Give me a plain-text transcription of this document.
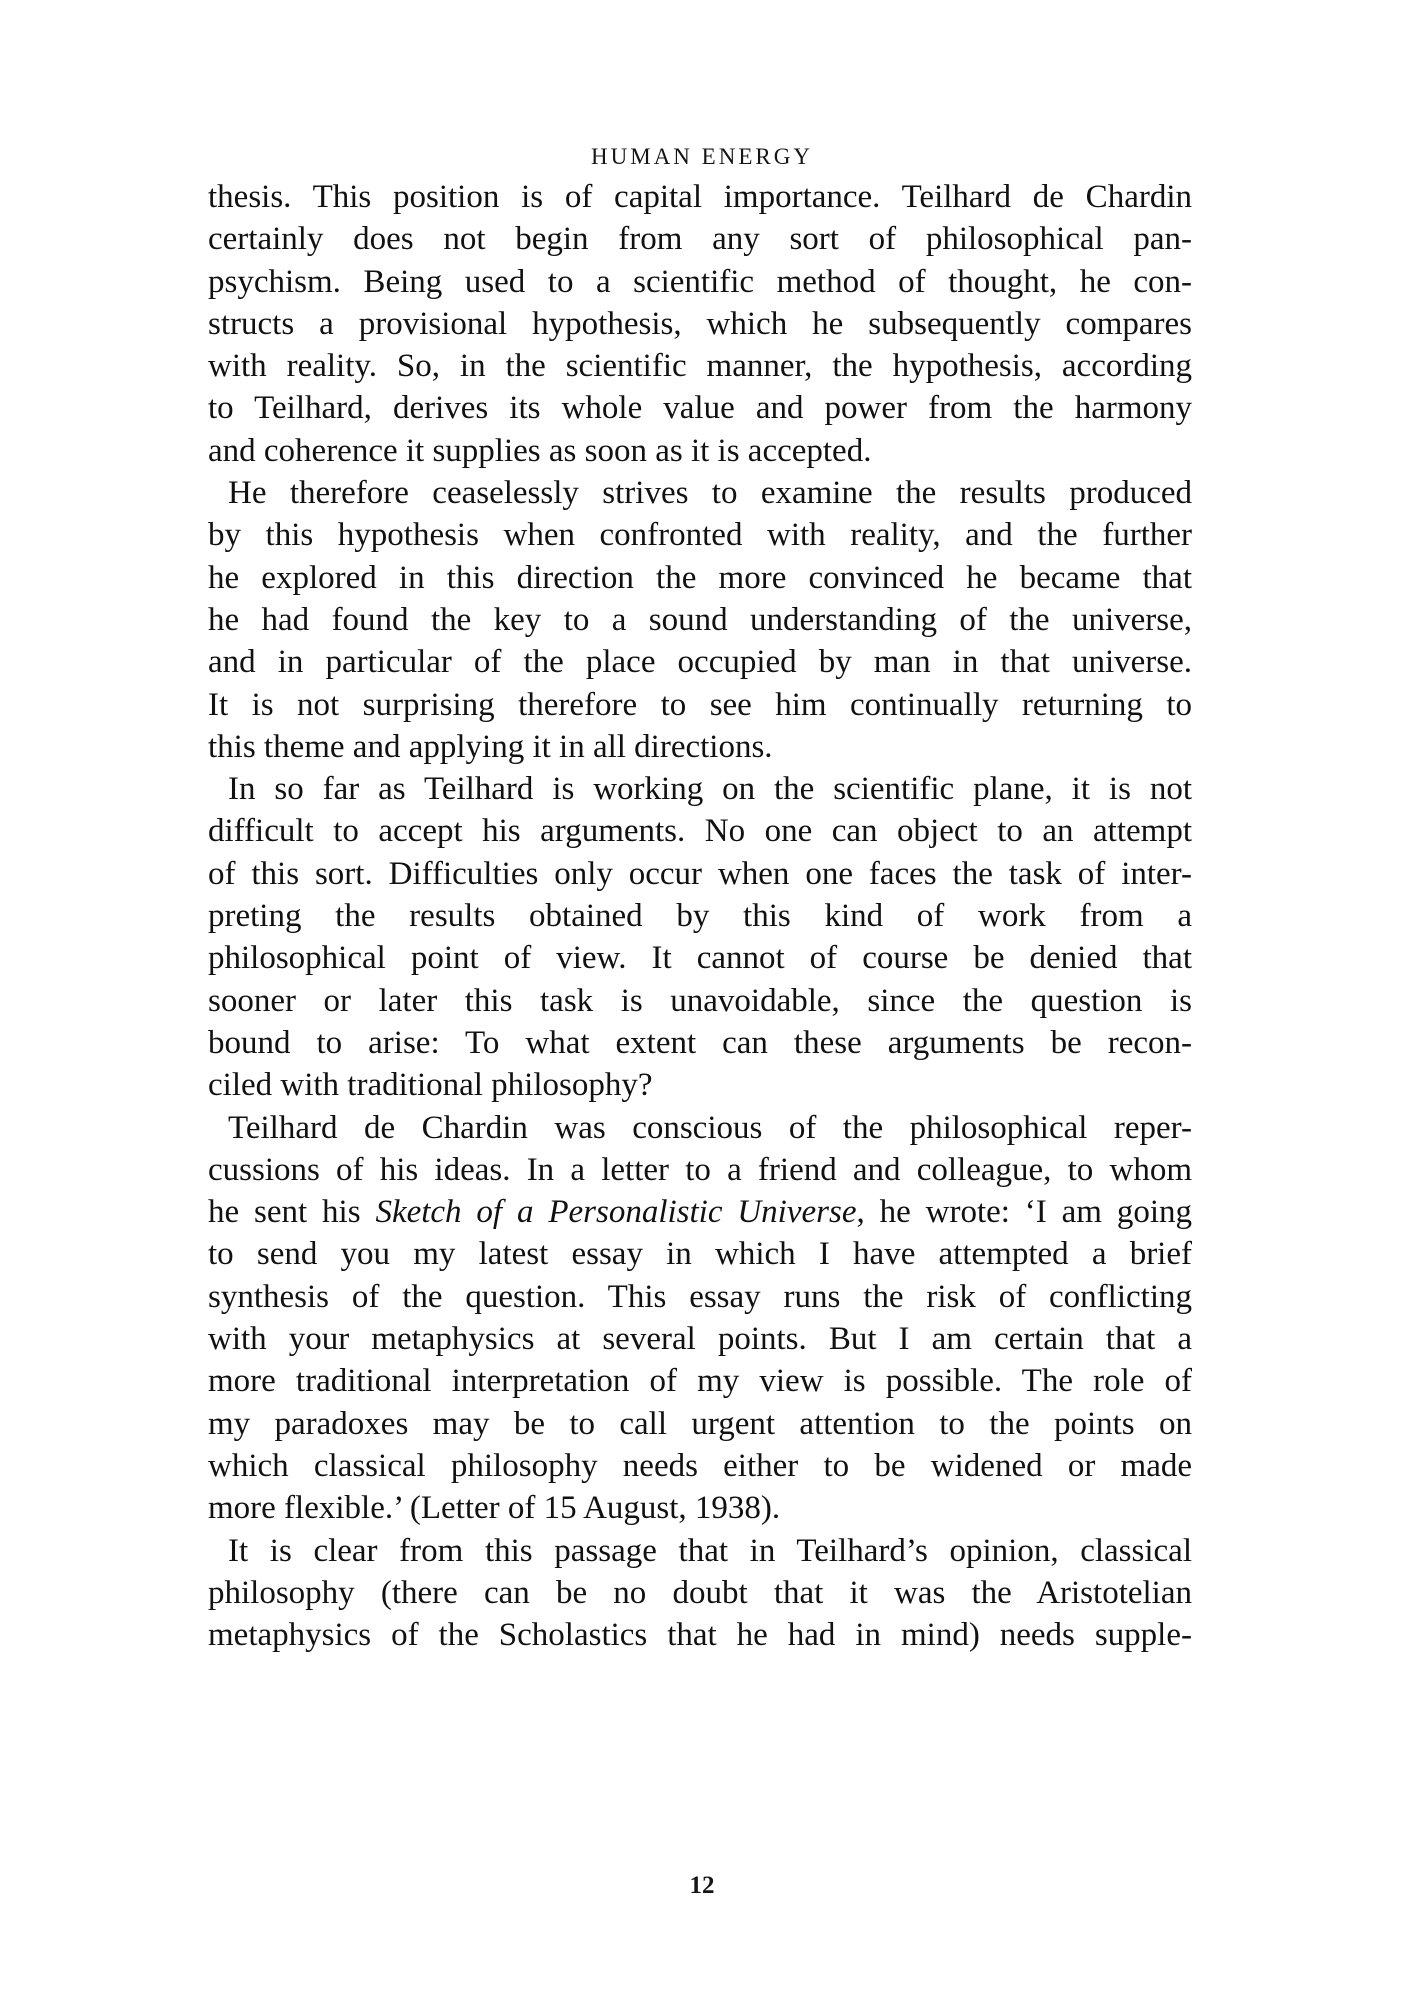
HUMAN ENERGY
thesis. This position is of capital importance. Teilhard de Chardin
certainly does not begin from any sort of philosophical pan-
psychism. Being used to a scientific method of thought, he con-
structs a provisional hypothesis, which he subsequently compares
with reality. So, in the scientific manner, the hypothesis, according
to Teilhard, derives its whole value and power from the harmony
and coherence it supplies as soon as it is accepted.
He therefore ceaselessly strives to examine the results produced
by this hypothesis when confronted with reality, and the further
he explored in this direction the more convinced he became that
he had found the key to a sound understanding of the universe,
and in particular of the place occupied by man in that universe.
It is not surprising therefore to see him continually returning to
this theme and applying it in all directions.
In so far as Teilhard is working on the scientific plane, it is not
difficult to accept his arguments. No one can object to an attempt
of this sort. Difficulties only occur when one faces the task of inter-
preting the results obtained by this kind of work from a
philosophical point of view. It cannot of course be denied that
sooner or later this task is unavoidable, since the question is
bound to arise: To what extent can these arguments be recon-
ciled with traditional philosophy?
Teilhard de Chardin was conscious of the philosophical reper-
cussions of his ideas. In a letter to a friend and colleague, to whom
he sent his Sketch of a Personalistic Universe, he wrote: ‘I am going
to send you my latest essay in which I have attempted a brief
synthesis of the question. This essay runs the risk of conflicting
with your metaphysics at several points. But I am certain that a
more traditional interpretation of my view is possible. The role of
my paradoxes may be to call urgent attention to the points on
which classical philosophy needs either to be widened or made
more flexible.’ (Letter of 15 August, 1938).
It is clear from this passage that in Teilhard’s opinion, classical
philosophy (there can be no doubt that it was the Aristotelian
metaphysics of the Scholastics that he had in mind) needs supple-
12
